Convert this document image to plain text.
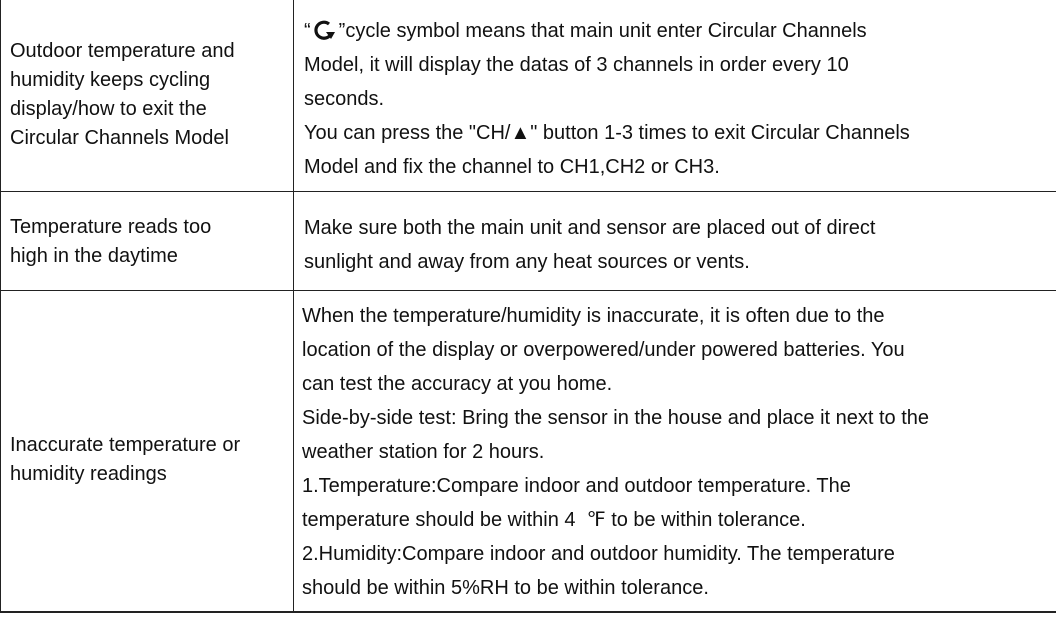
Outdoor temperature and
humidity keeps cycling
display/how to exit the
Circular Channels Model
“ ”cycle symbol means that main unit enter Circular Channels
Model, it will display the datas of 3 channels in order every 10
seconds.
You can press the "CH/▲" button 1-3 times to exit Circular Channels
Model and fix the channel to CH1,CH2 or CH3.
Temperature reads too
high in the daytime
Make sure both the main unit and sensor are placed out of direct
sunlight and away from any heat sources or vents.
Inaccurate temperature or
humidity readings
When the temperature/humidity is inaccurate, it is often due to the
location of the display or overpowered/under powered batteries. You
can test the accuracy at you home.
Side-by-side test: Bring the sensor in the house and place it next to the
weather station for 2 hours.
1.Temperature:Compare indoor and outdoor temperature. The
temperature should be within 4  ℉ to be within tolerance.
2.Humidity:Compare indoor and outdoor humidity. The temperature
should be within 5%RH to be within tolerance.
